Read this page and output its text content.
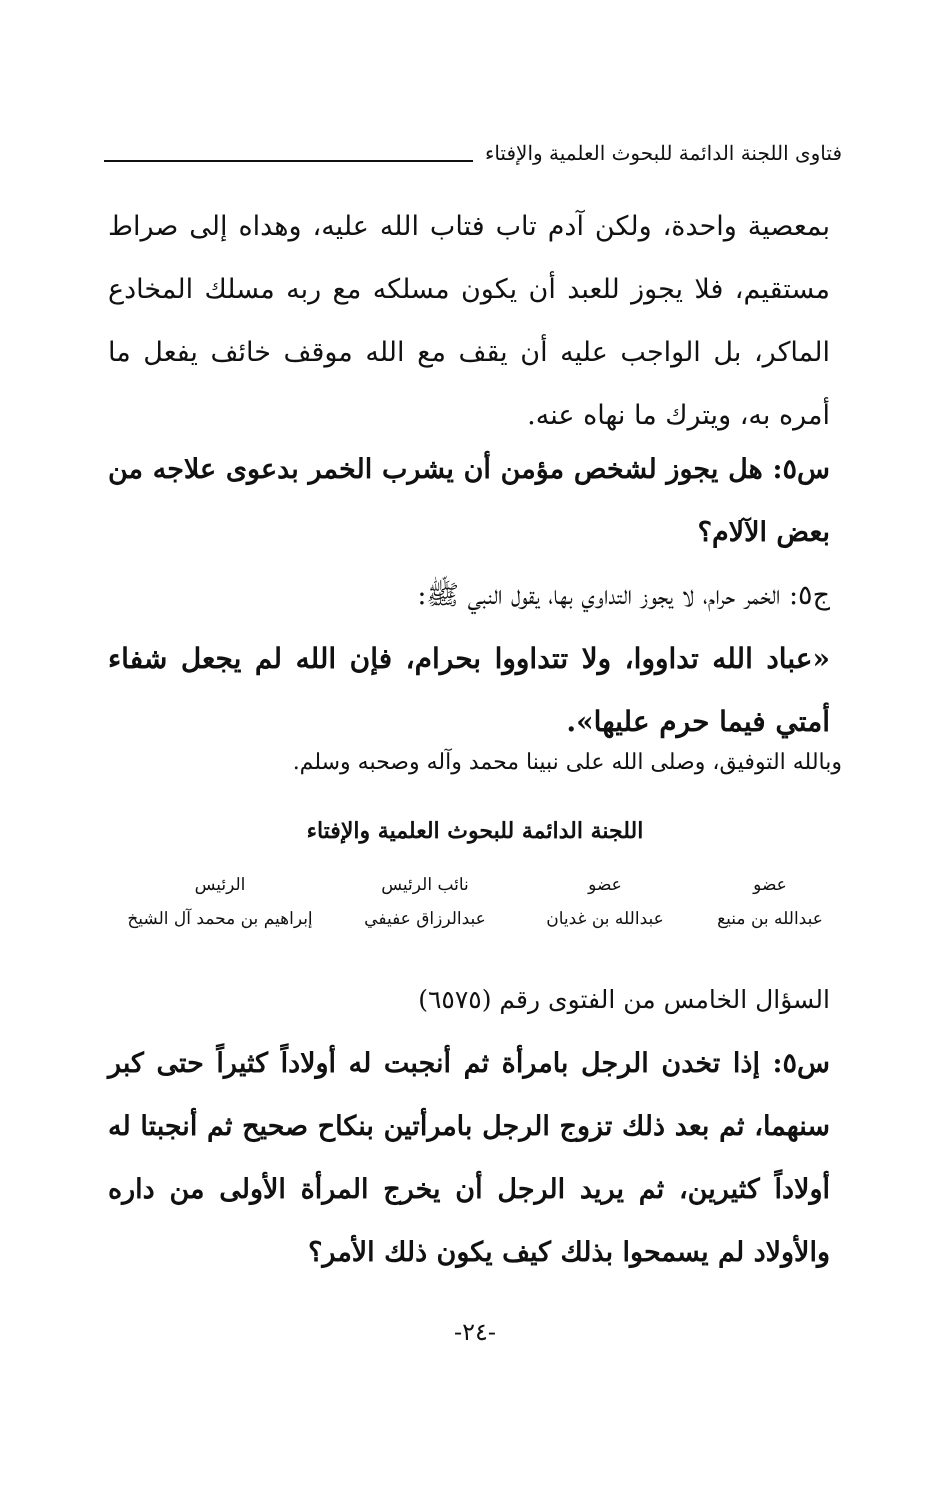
فتاوى اللجنة الدائمة للبحوث العلمية والإفتاء

بمعصية واحدة، ولكن آدم تاب فتاب الله عليه، وهداه إلى صراط مستقيم، فلا يجوز للعبد أن يكون مسلكه مع ربه مسلك المخادع الماكر، بل الواجب عليه أن يقف مع الله موقف خائف يفعل ما أمره به، ويترك ما نهاه عنه.

س٥: هل يجوز لشخص مؤمن أن يشرب الخمر بدعوى علاجه من بعض الآلام؟

ج٥: الخمر حرام، لا يجوز التداوي بها، يقول النبي ﷺ:

«عباد الله تداووا، ولا تتداووا بحرام، فإن الله لم يجعل شفاء أمتي فيما حرم عليها».

وبالله التوفيق، وصلى الله على نبينا محمد وآله وصحبه وسلم.

اللجنة الدائمة للبحوث العلمية والإفتاء
عضو
عضو
نائب الرئيس
الرئيس
عبدالله بن منيع
عبدالله بن غديان
عبدالرزاق عفيفي
إبراهيم بن محمد آل الشيخ

السؤال الخامس من الفتوى رقم (٦٥٧٥)

س٥: إذا تخدن الرجل بامرأة ثم أنجبت له أولاداً كثيراً حتى كبر سنهما، ثم بعد ذلك تزوج الرجل بامرأتين بنكاح صحيح ثم أنجبتا له أولاداً كثيرين، ثم يريد الرجل أن يخرج المرأة الأولى من داره والأولاد لم يسمحوا بذلك كيف يكون ذلك الأمر؟

-٢٤-
